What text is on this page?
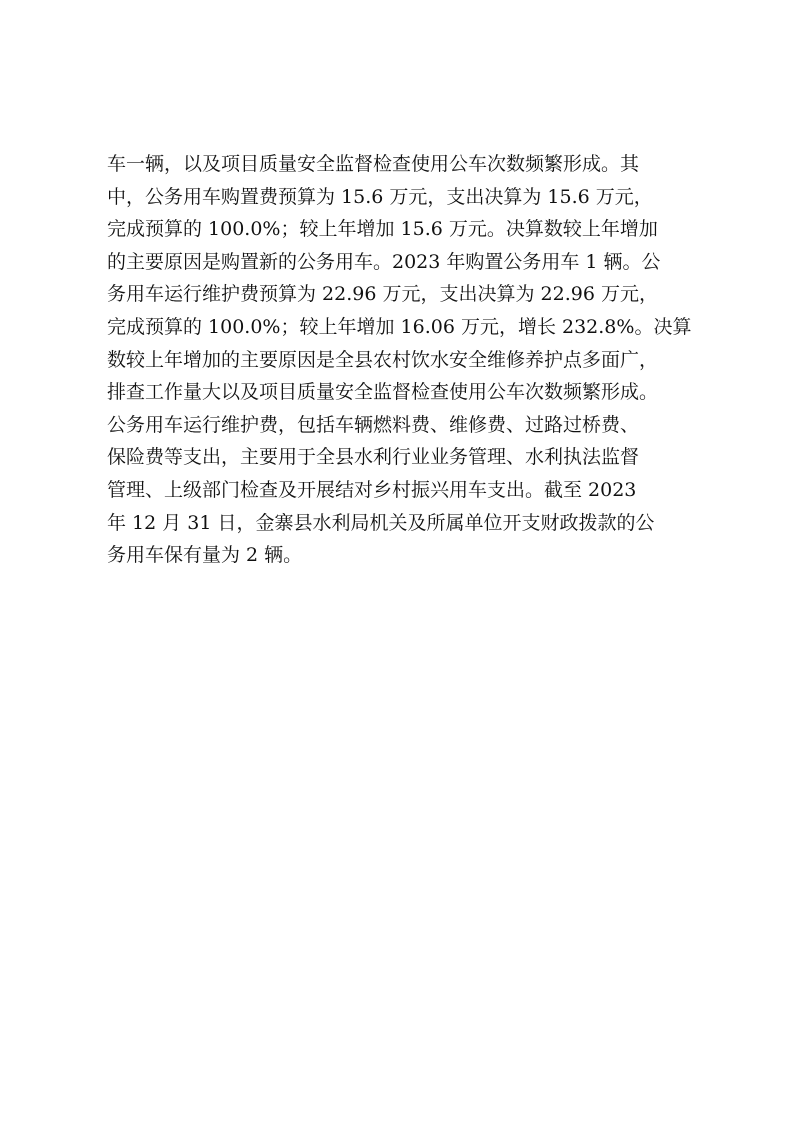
车一辆，以及项目质量安全监督检查使用公车次数频繁形成。其
中，公务用车购置费预算为 15.6 万元，支出决算为 15.6 万元，
完成预算的 100.0%；较上年增加 15.6 万元。决算数较上年增加
的主要原因是购置新的公务用车。2023 年购置公务用车 1 辆。公
务用车运行维护费预算为 22.96 万元，支出决算为 22.96 万元，
完成预算的 100.0%；较上年增加 16.06 万元，增长 232.8%。决算
数较上年增加的主要原因是全县农村饮水安全维修养护点多面广，
排查工作量大以及项目质量安全监督检查使用公车次数频繁形成。
公务用车运行维护费，包括车辆燃料费、维修费、过路过桥费、
保险费等支出，主要用于全县水利行业业务管理、水利执法监督
管理、上级部门检查及开展结对乡村振兴用车支出。截至 2023
年 12 月 31 日，金寨县水利局机关及所属单位开支财政拨款的公
务用车保有量为 2 辆。
